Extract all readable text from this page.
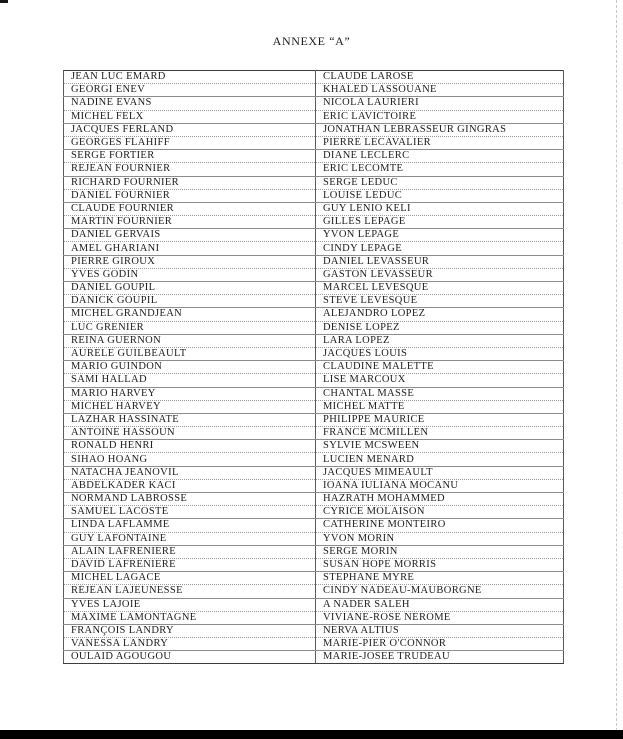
ANNEXE “A”
JEAN LUC EMARD	CLAUDE LAROSE
GEORGI ENEV	KHALED LASSOUANE
NADINE EVANS	NICOLA LAURIERI
MICHEL FELX	ERIC LAVICTOIRE
JACQUES FERLAND	JONATHAN LEBRASSEUR GINGRAS
GEORGES FLAHIFF	PIERRE LECAVALIER
SERGE FORTIER	DIANE LECLERC
REJEAN FOURNIER	ERIC LECOMTE
RICHARD FOURNIER	SERGE LEDUC
DANIEL FOURNIER	LOUISE LEDUC
CLAUDE FOURNIER	GUY LENIO KELI
MARTIN FOURNIER	GILLES LEPAGE
DANIEL GERVAIS	YVON LEPAGE
AMEL GHARIANI	CINDY LEPAGE
PIERRE GIROUX	DANIEL LEVASSEUR
YVES GODIN	GASTON LEVASSEUR
DANIEL GOUPIL	MARCEL LEVESQUE
DANICK GOUPIL	STEVE LEVESQUE
MICHEL GRANDJEAN	ALEJANDRO LOPEZ
LUC GRENIER	DENISE LOPEZ
REINA GUERNON	LARA LOPEZ
AURELE GUILBEAULT	JACQUES LOUIS
MARIO GUINDON	CLAUDINE MALETTE
SAMI HALLAD	LISE MARCOUX
MARIO HARVEY	CHANTAL MASSE
MICHEL HARVEY	MICHEL MATTE
LAZHAR HASSINATE	PHILIPPE MAURICE
ANTOINE HASSOUN	FRANCE MCMILLEN
RONALD HENRI	SYLVIE MCSWEEN
SIHAO HOANG	LUCIEN MENARD
NATACHA JEANOVIL	JACQUES MIMEAULT
ABDELKADER KACI	IOANA IULIANA MOCANU
NORMAND LABROSSE	HAZRATH MOHAMMED
SAMUEL LACOSTE	CYRICE MOLAISON
LINDA LAFLAMME	CATHERINE MONTEIRO
GUY LAFONTAINE	YVON MORIN
ALAIN LAFRENIERE	SERGE MORIN
DAVID LAFRENIERE	SUSAN HOPE MORRIS
MICHEL LAGACE	STEPHANE MYRE
RÉJEAN LAJEUNESSE	CINDY NADEAU-MAUBORGNE
YVES LAJOIE	A NADER SALEH
MAXIME LAMONTAGNE	VIVIANE-ROSE NEROME
FRANÇOIS LANDRY	NERVA ALTIUS
VANESSA LANDRY	MARIE-PIER O'CONNOR
OULAID AGOUGOU	MARIE-JOSEE TRUDEAU
